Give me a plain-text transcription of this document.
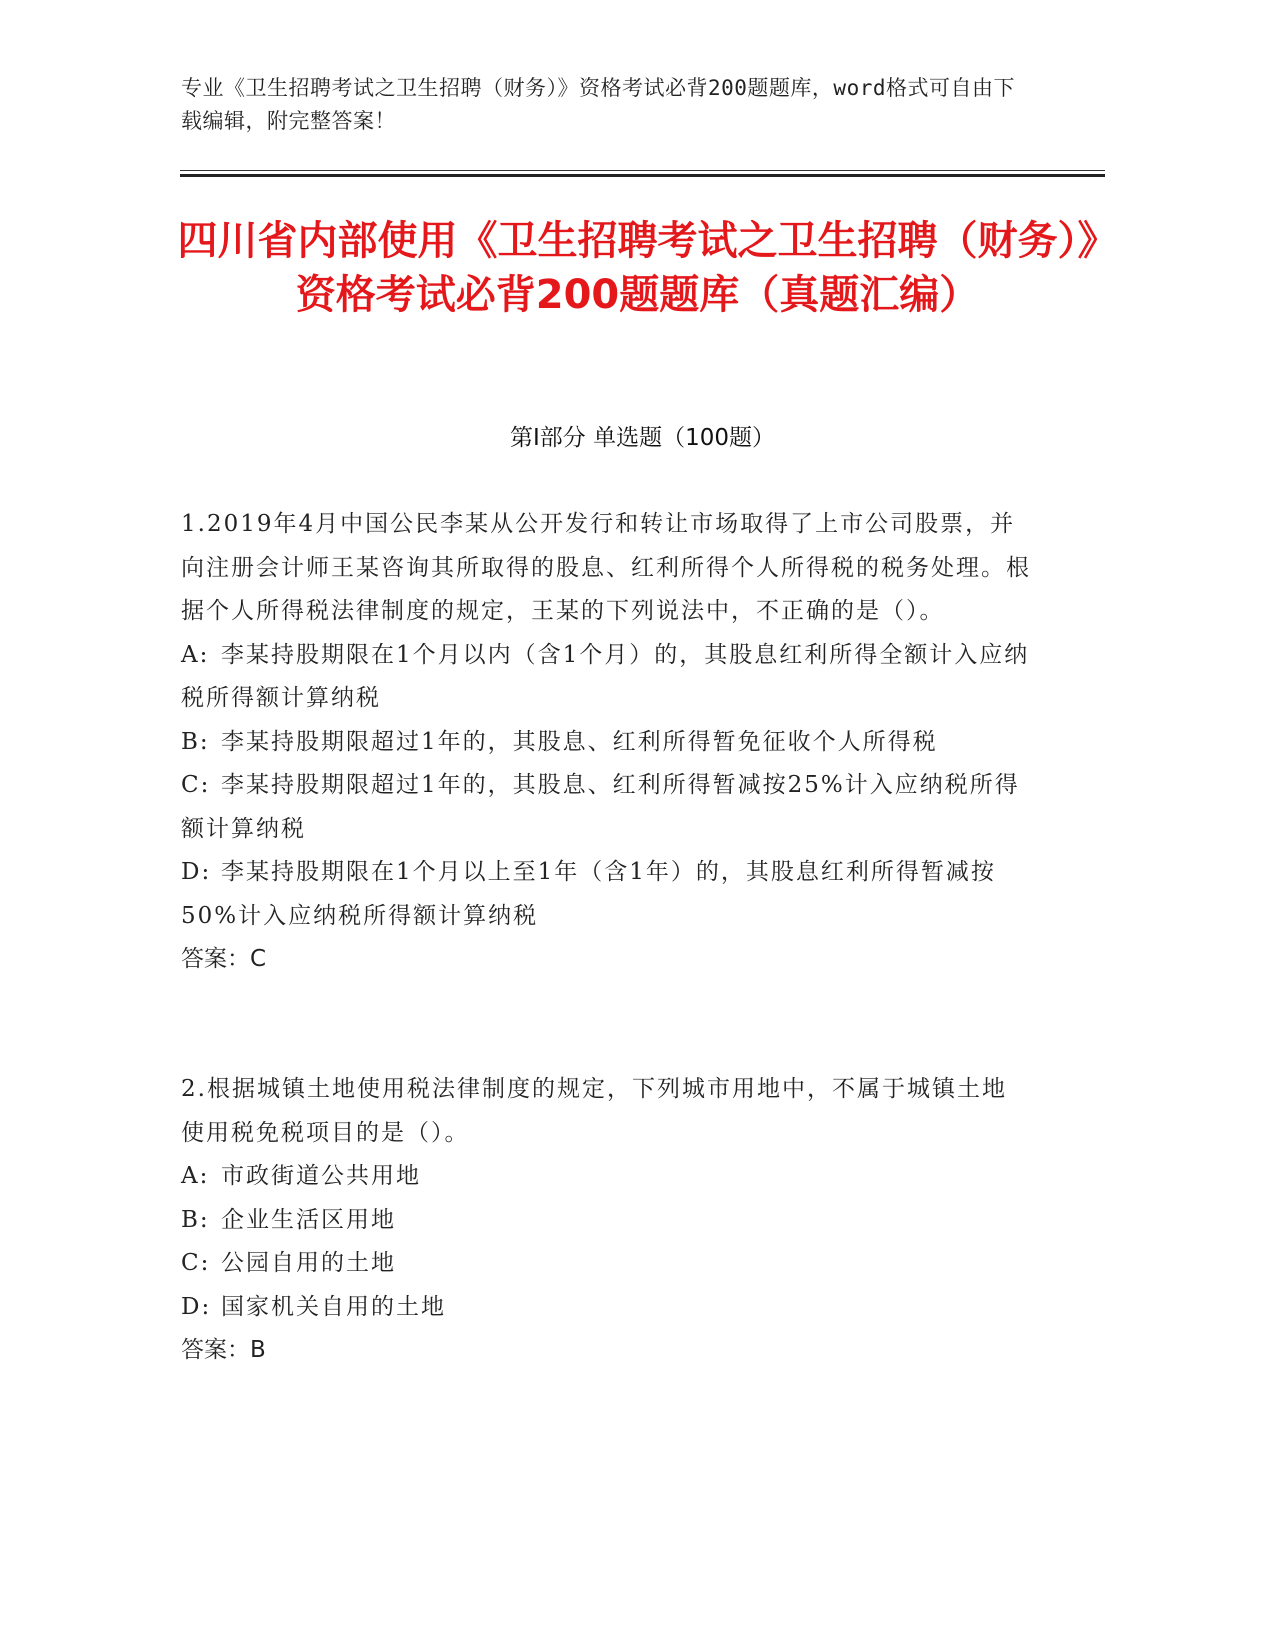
专业《卫生招聘考试之卫生招聘（财务）》资格考试必背200题题库，word格式可自由下载编辑，附完整答案！
四川省内部使用《卫生招聘考试之卫生招聘（财务）》资格考试必背200题题库（真题汇编）
第Ⅰ部分 单选题（100题）

1.2019年4月中国公民李某从公开发行和转让市场取得了上市公司股票，并向注册会计师王某咨询其所取得的股息、红利所得个人所得税的税务处理。根据个人所得税法律制度的规定，王某的下列说法中，不正确的是（）。

A: 李某持股期限在1个月以内（含1个月）的，其股息红利所得全额计入应纳税所得额计算纳税

B: 李某持股期限超过1年的，其股息、红利所得暂免征收个人所得税

C: 李某持股期限超过1年的，其股息、红利所得暂减按25%计入应纳税所得额计算纳税

D: 李某持股期限在1个月以上至1年（含1年）的，其股息红利所得暂减按50%计入应纳税所得额计算纳税

答案：C

2.根据城镇土地使用税法律制度的规定，下列城市用地中，不属于城镇土地使用税免税项目的是（）。

A: 市政街道公共用地

B: 企业生活区用地

C: 公园自用的土地

D: 国家机关自用的土地

答案：B
